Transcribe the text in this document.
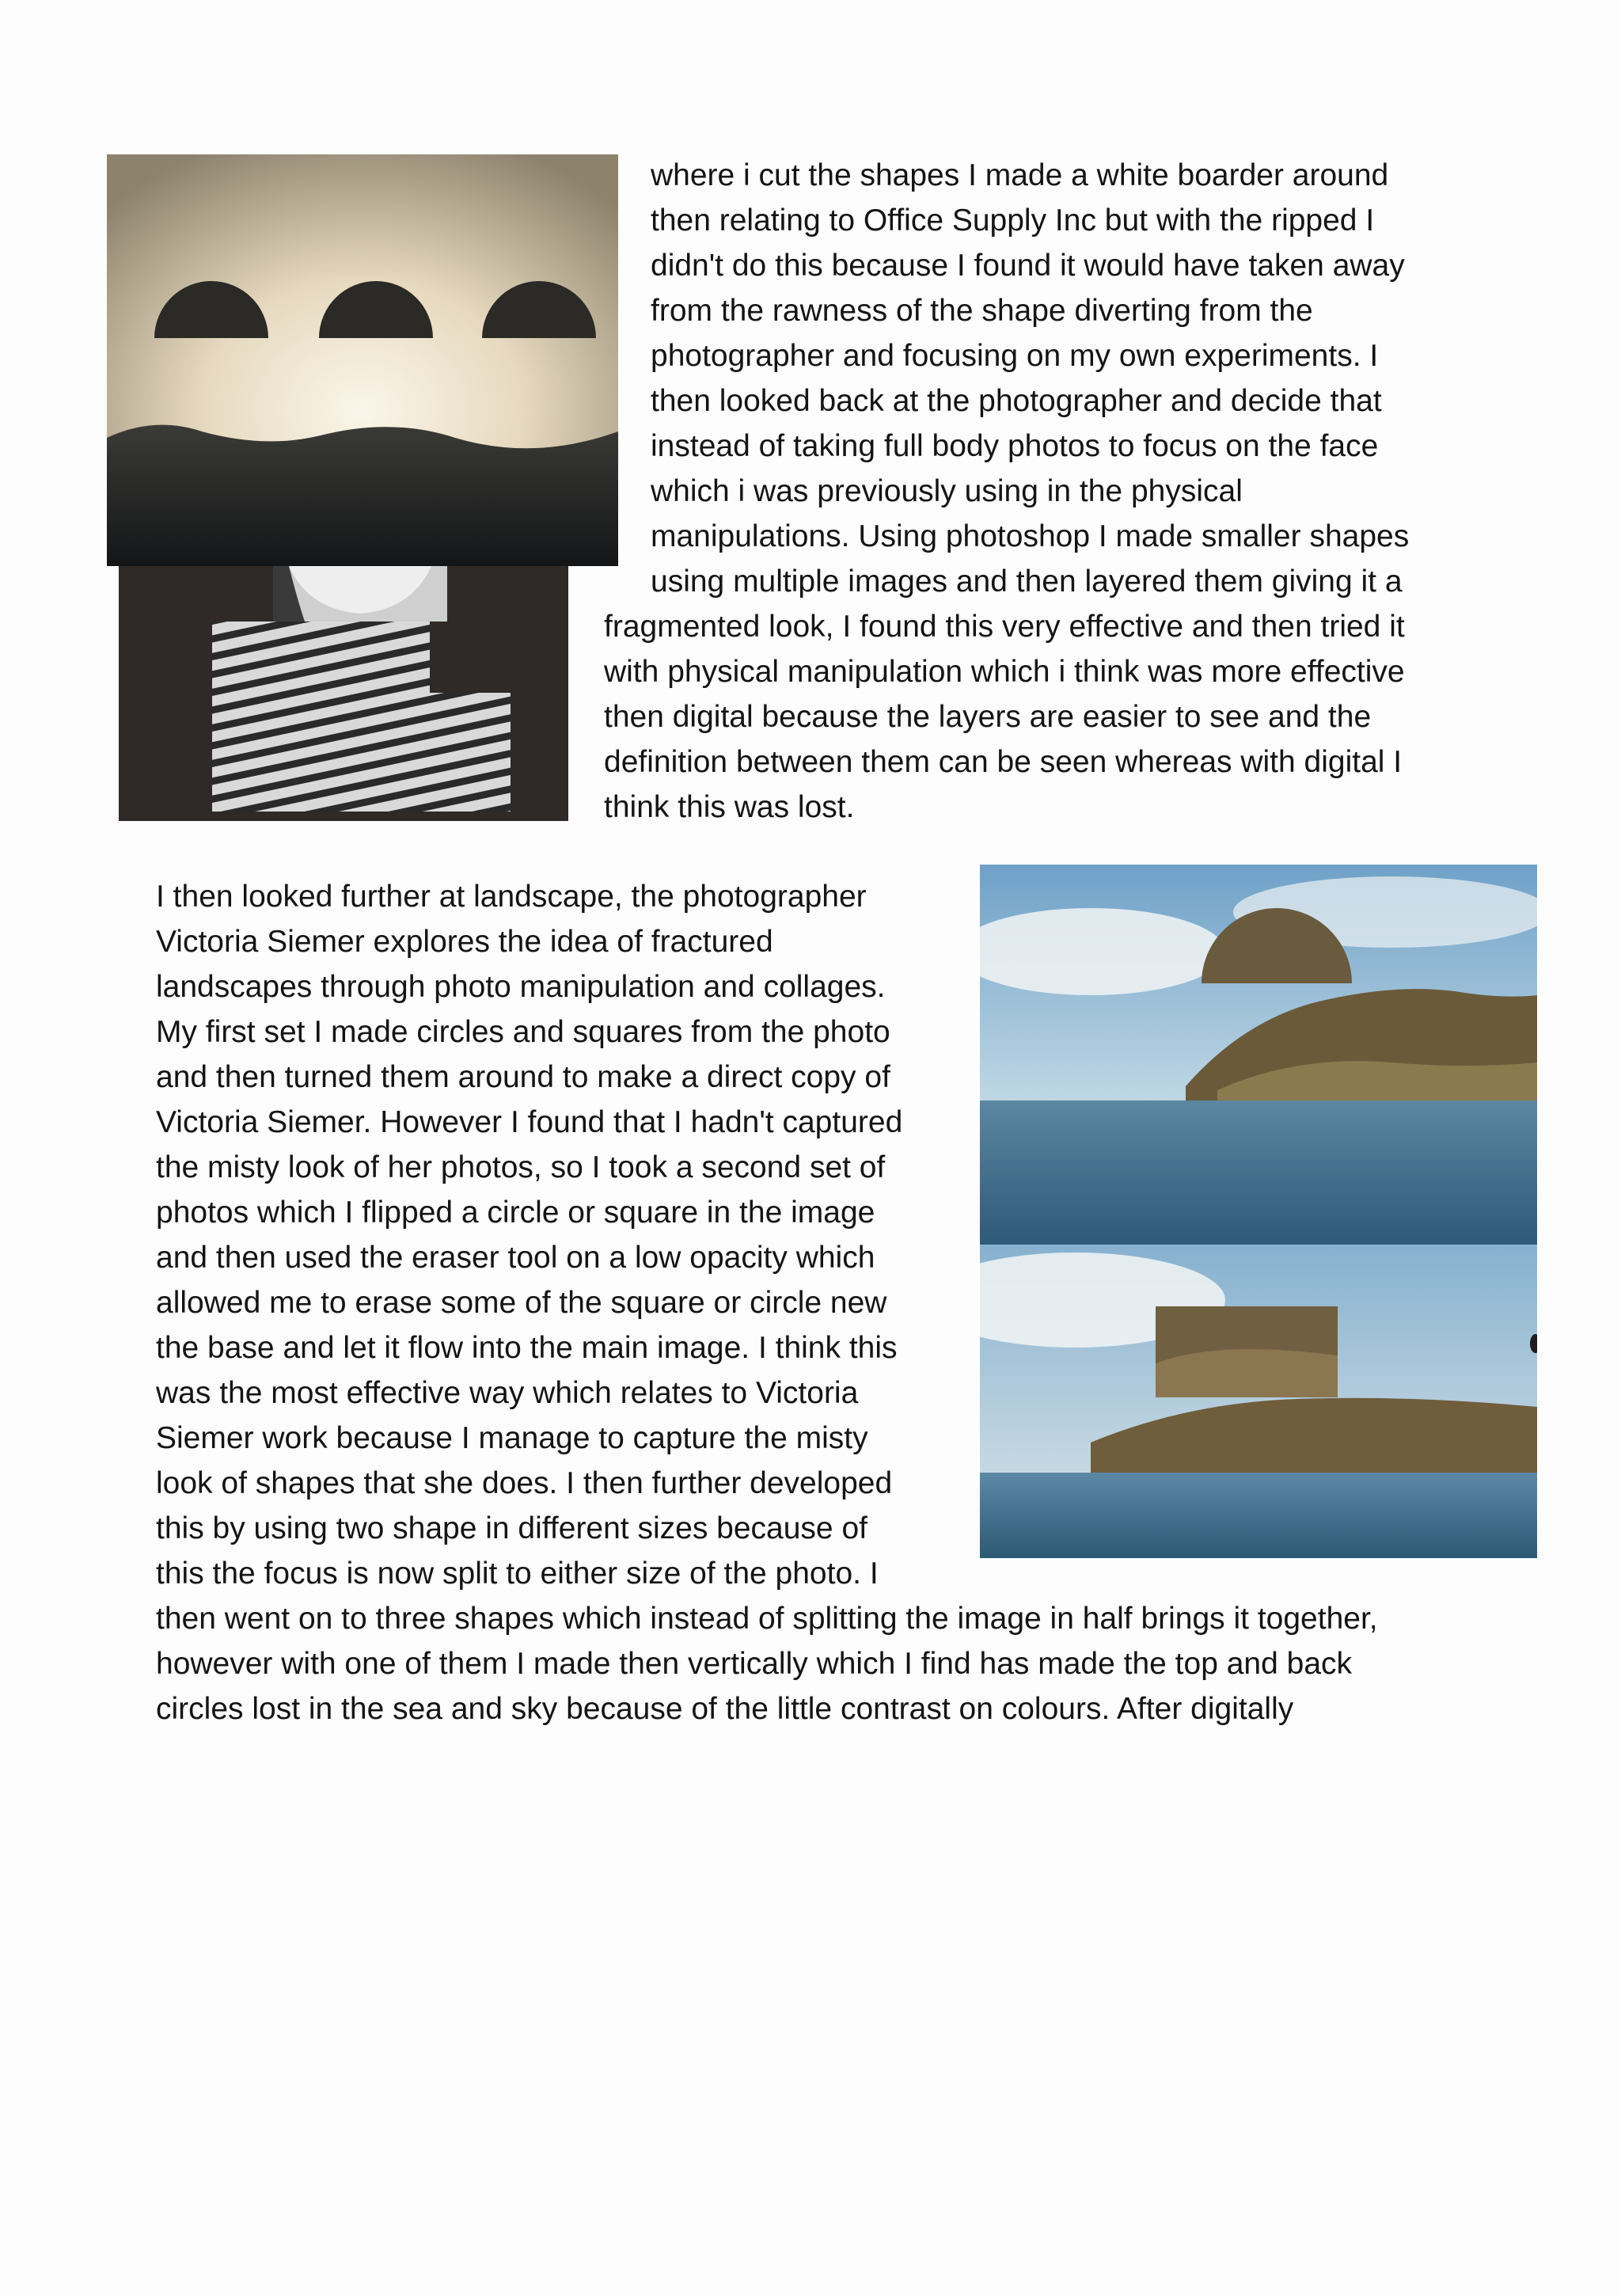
where i cut the shapes I made a white boarder around

then relating to Office Supply Inc but with the ripped I

didn't do this because I found it would have taken away

from the rawness of the shape diverting from the

photographer and focusing on my own experiments. I

then looked back at the photographer and decide that

instead of taking full body photos to focus on the face

which i was previously using in the physical

manipulations. Using photoshop I made smaller shapes

using multiple images and then layered them giving it a

fragmented look, I found this very effective and then tried it

with physical manipulation which i think was more effective

then digital because the layers are easier to see and the

definition between them can be seen whereas with digital I

think this was lost.

I then looked further at landscape, the photographer

Victoria Siemer explores the idea of fractured

landscapes through photo manipulation and collages.

My first set I made circles and squares from the photo

and then turned them around to make a direct copy of

Victoria Siemer. However I found that I hadn't captured

the misty look of her photos, so I took a second set of

photos which I flipped a circle or square in the image

and then used the eraser tool on a low opacity which

allowed me to erase some of the square or circle new

the base and let it flow into the main image. I think this

was the most effective way which relates to Victoria

Siemer work because I manage to capture the misty

look of shapes that she does. I then further developed

this by using two shape in different sizes because of

this the focus is now split to either size of the photo. I

then went on to three shapes which instead of splitting the image in half brings it together,

however with one of them I made then vertically which I find has made the top and back

circles lost in the sea and sky because of the little contrast on colours. After digitally
